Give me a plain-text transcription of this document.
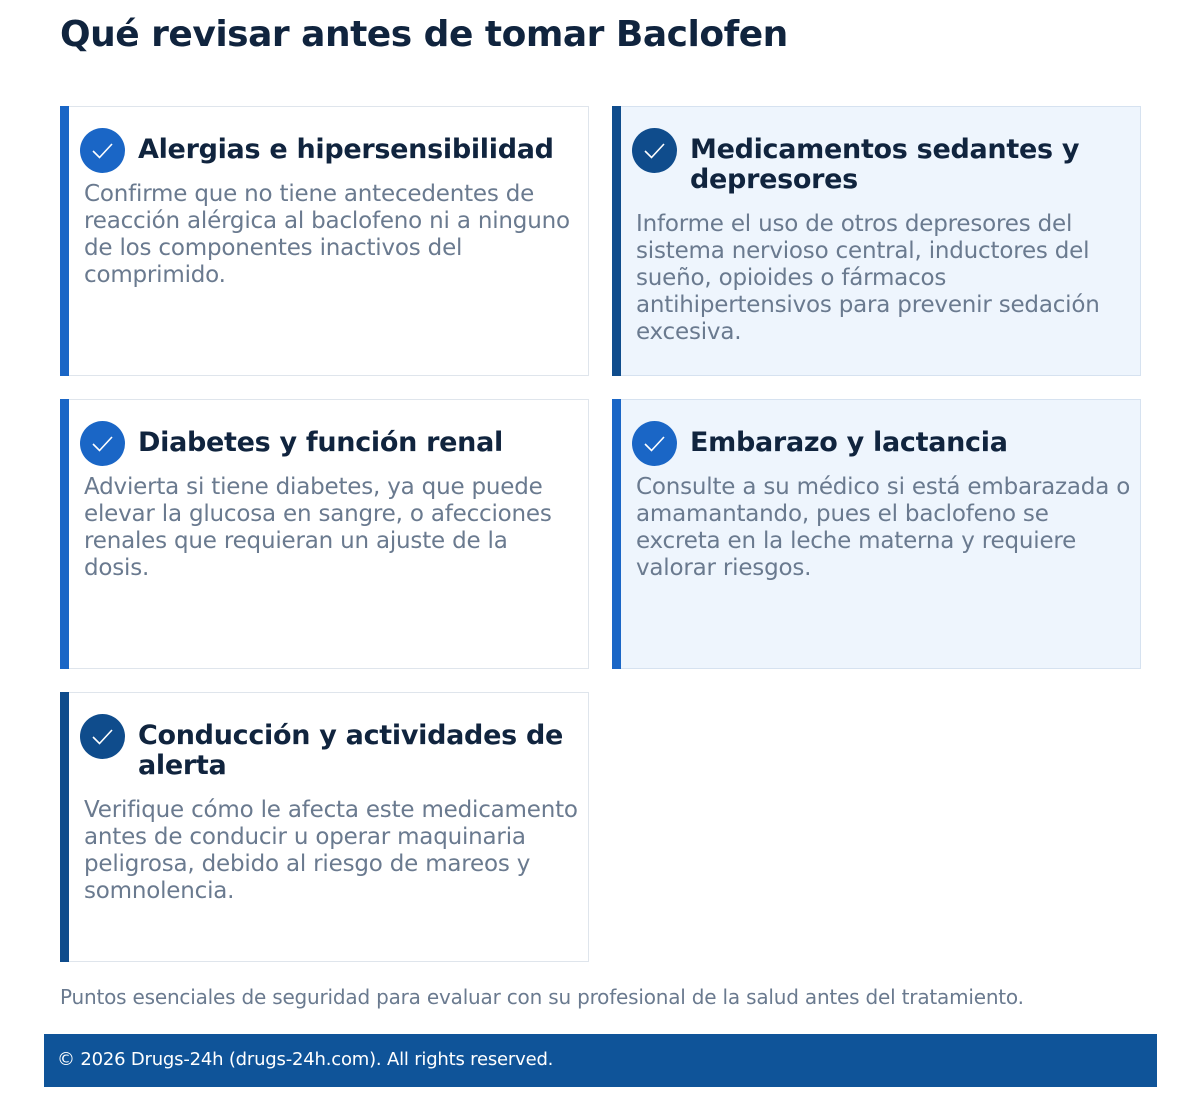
Qué revisar antes de tomar Baclofen
Alergias e hipersensibilidad
Confirme que no tiene antecedentes de reacción alérgica al baclofeno ni a ninguno de los componentes inactivos del comprimido.
Medicamentos sedantes y depresores
Informe el uso de otros depresores del sistema nervioso central, inductores del sueño, opioides o fármacos antihipertensivos para prevenir sedación excesiva.
Diabetes y función renal
Advierta si tiene diabetes, ya que puede elevar la glucosa en sangre, o afecciones renales que requieran un ajuste de la dosis.
Embarazo y lactancia
Consulte a su médico si está embarazada o amamantando, pues el baclofeno se excreta en la leche materna y requiere valorar riesgos.
Conducción y actividades de alerta
Verifique cómo le afecta este medicamento antes de conducir u operar maquinaria peligrosa, debido al riesgo de mareos y somnolencia.

Puntos esenciales de seguridad para evaluar con su profesional de la salud antes del tratamiento.

© 2026 Drugs-24h (drugs-24h.com). All rights reserved.
